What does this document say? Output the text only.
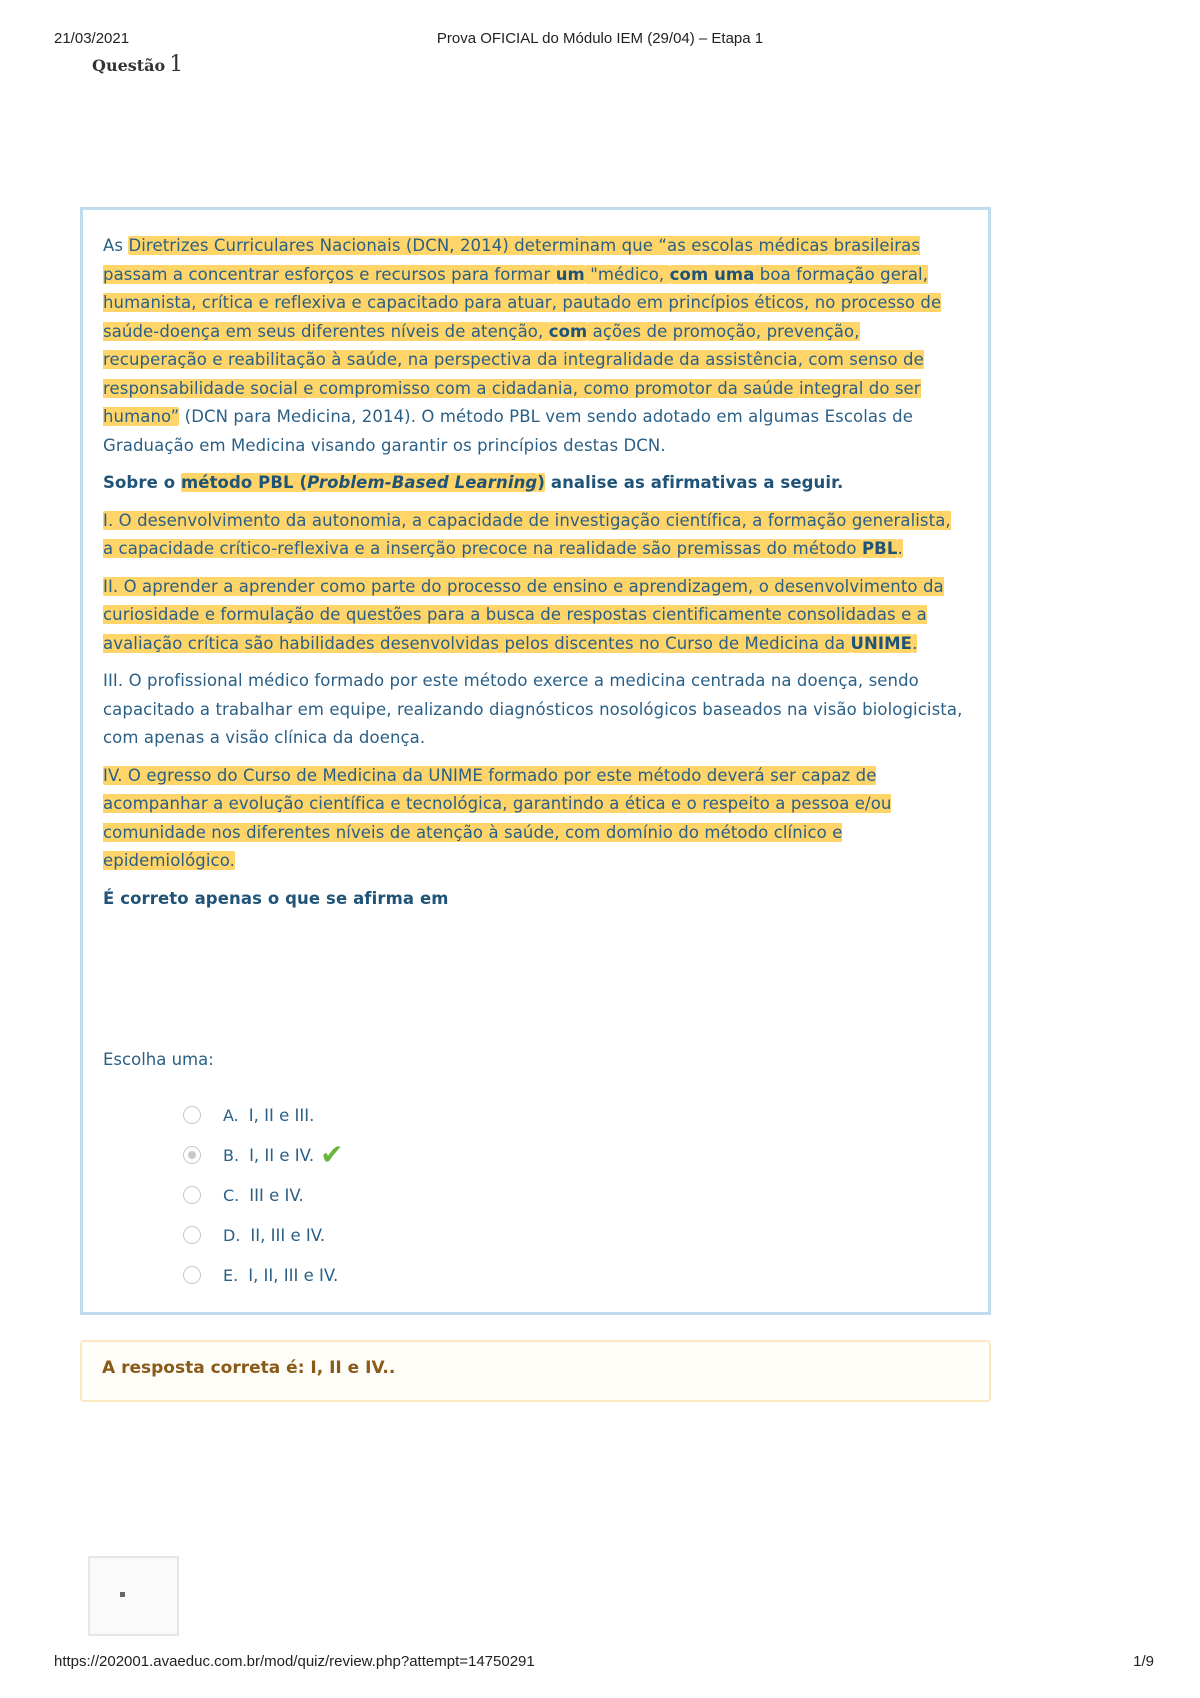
21/03/2021	Prova OFICIAL do Módulo IEM (29/04) – Etapa 1
Questão 1

As Diretrizes Curriculares Nacionais (DCN, 2014) determinam que “as escolas médicas brasileiras passam a concentrar esforços e recursos para formar um "médico, com uma boa formação geral, humanista, crítica e reflexiva e capacitado para atuar, pautado em princípios éticos, no processo de saúde-doença em seus diferentes níveis de atenção, com ações de promoção, prevenção, recuperação e reabilitação à saúde, na perspectiva da integralidade da assistência, com senso de responsabilidade social e compromisso com a cidadania, como promotor da saúde integral do ser humano” (DCN para Medicina, 2014). O método PBL vem sendo adotado em algumas Escolas de Graduação em Medicina visando garantir os princípios destas DCN.

Sobre o método PBL (Problem-Based Learning) analise as afirmativas a seguir.

I. O desenvolvimento da autonomia, a capacidade de investigação científica, a formação generalista, a capacidade crítico-reflexiva e a inserção precoce na realidade são premissas do método PBL.

II. O aprender a aprender como parte do processo de ensino e aprendizagem, o desenvolvimento da curiosidade e formulação de questões para a busca de respostas cientificamente consolidadas e a avaliação crítica são habilidades desenvolvidas pelos discentes no Curso de Medicina da UNIME.

III. O profissional médico formado por este método exerce a medicina centrada na doença, sendo capacitado a trabalhar em equipe, realizando diagnósticos nosológicos baseados na visão biologicista, com apenas a visão clínica da doença.

IV. O egresso do Curso de Medicina da UNIME formado por este método deverá ser capaz de acompanhar a evolução científica e tecnológica, garantindo a ética e o respeito a pessoa e/ou comunidade nos diferentes níveis de atenção à saúde, com domínio do método clínico e epidemiológico.

É correto apenas o que se afirma em

Escolha uma:
A. I, II e III.
B. I, II e IV. ✔
C. III e IV.
D. II, III e IV.
E. I, II, III e IV.
A resposta correta é: I, II e IV..
https://202001.avaeduc.com.br/mod/quiz/review.php?attempt=14750291	1/9
